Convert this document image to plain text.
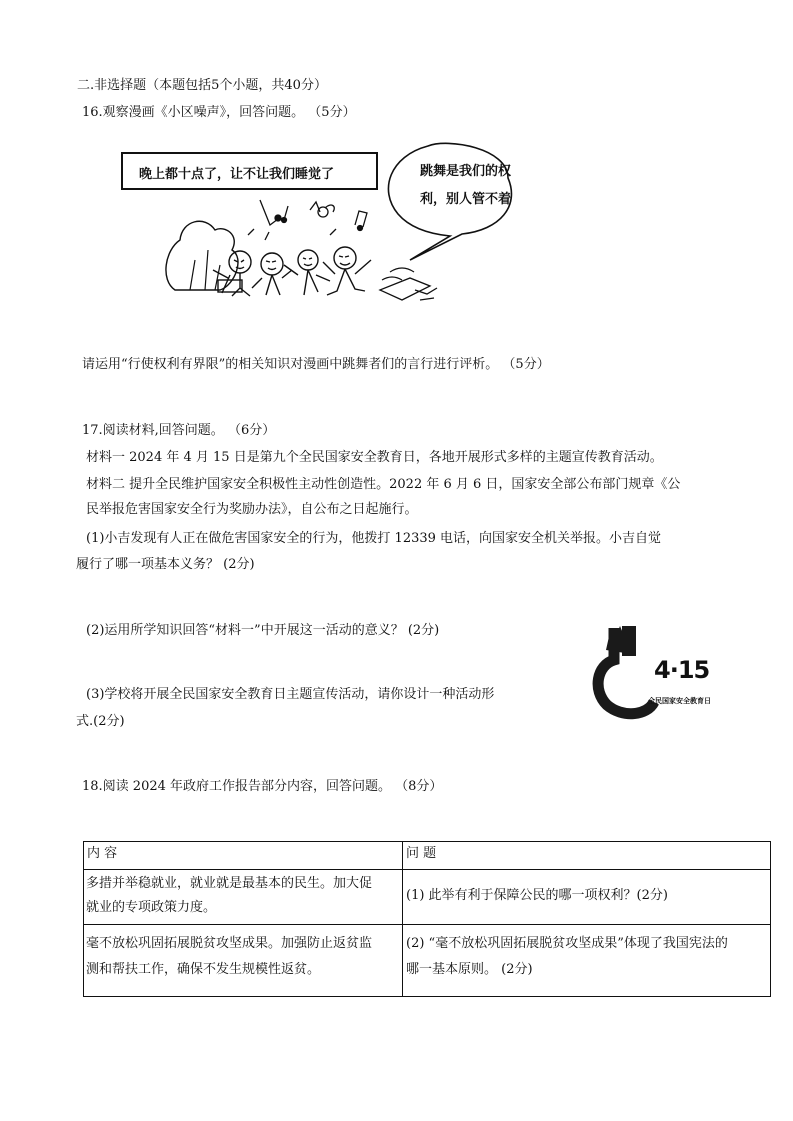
二.非选择题（本题包括5个小题，共40分）
16.观察漫画《小区噪声》，回答问题。 （5分）
晚上都十点了，让不让我们睡觉了	跳舞是我们的权
利，别人管不着
请运用“行使权利有界限”的相关知识对漫画中跳舞者们的言行进行评析。 （5分）
17.阅读材料,回答问题。 （6分）
材料一 2024 年 4 月 15 日是第九个全民国家安全教育日，各地开展形式多样的主题宣传教育活动。
材料二 提升全民维护国家安全积极性主动性创造性。2022 年 6 月 6 日，国家安全部公布部门规章《公
民举报危害国家安全行为奖励办法》，自公布之日起施行。
(1)小吉发现有人正在做危害国家安全的行为，他拨打 12339 电话，向国家安全机关举报。小吉自觉
履行了哪一项基本义务？ (2分)
(2)运用所学知识回答“材料一”中开展这一活动的意义？ (2分)
(3)学校将开展全民国家安全教育日主题宣传活动，请你设计一种活动形
式.(2分)
4·15
全民国家安全教育日
18.阅读 2024 年政府工作报告部分内容，回答问题。 （8分）
内 容	问 题
多措并举稳就业，就业就是最基本的民生。加大促
就业的专项政策力度。
(1) 此举有利于保障公民的哪一项权利？(2分)
毫不放松巩固拓展脱贫攻坚成果。加强防止返贫监
测和帮扶工作，确保不发生规模性返贫。
(2) “毫不放松巩固拓展脱贫攻坚成果”体现了我国宪法的
哪一基本原则。 (2分)
